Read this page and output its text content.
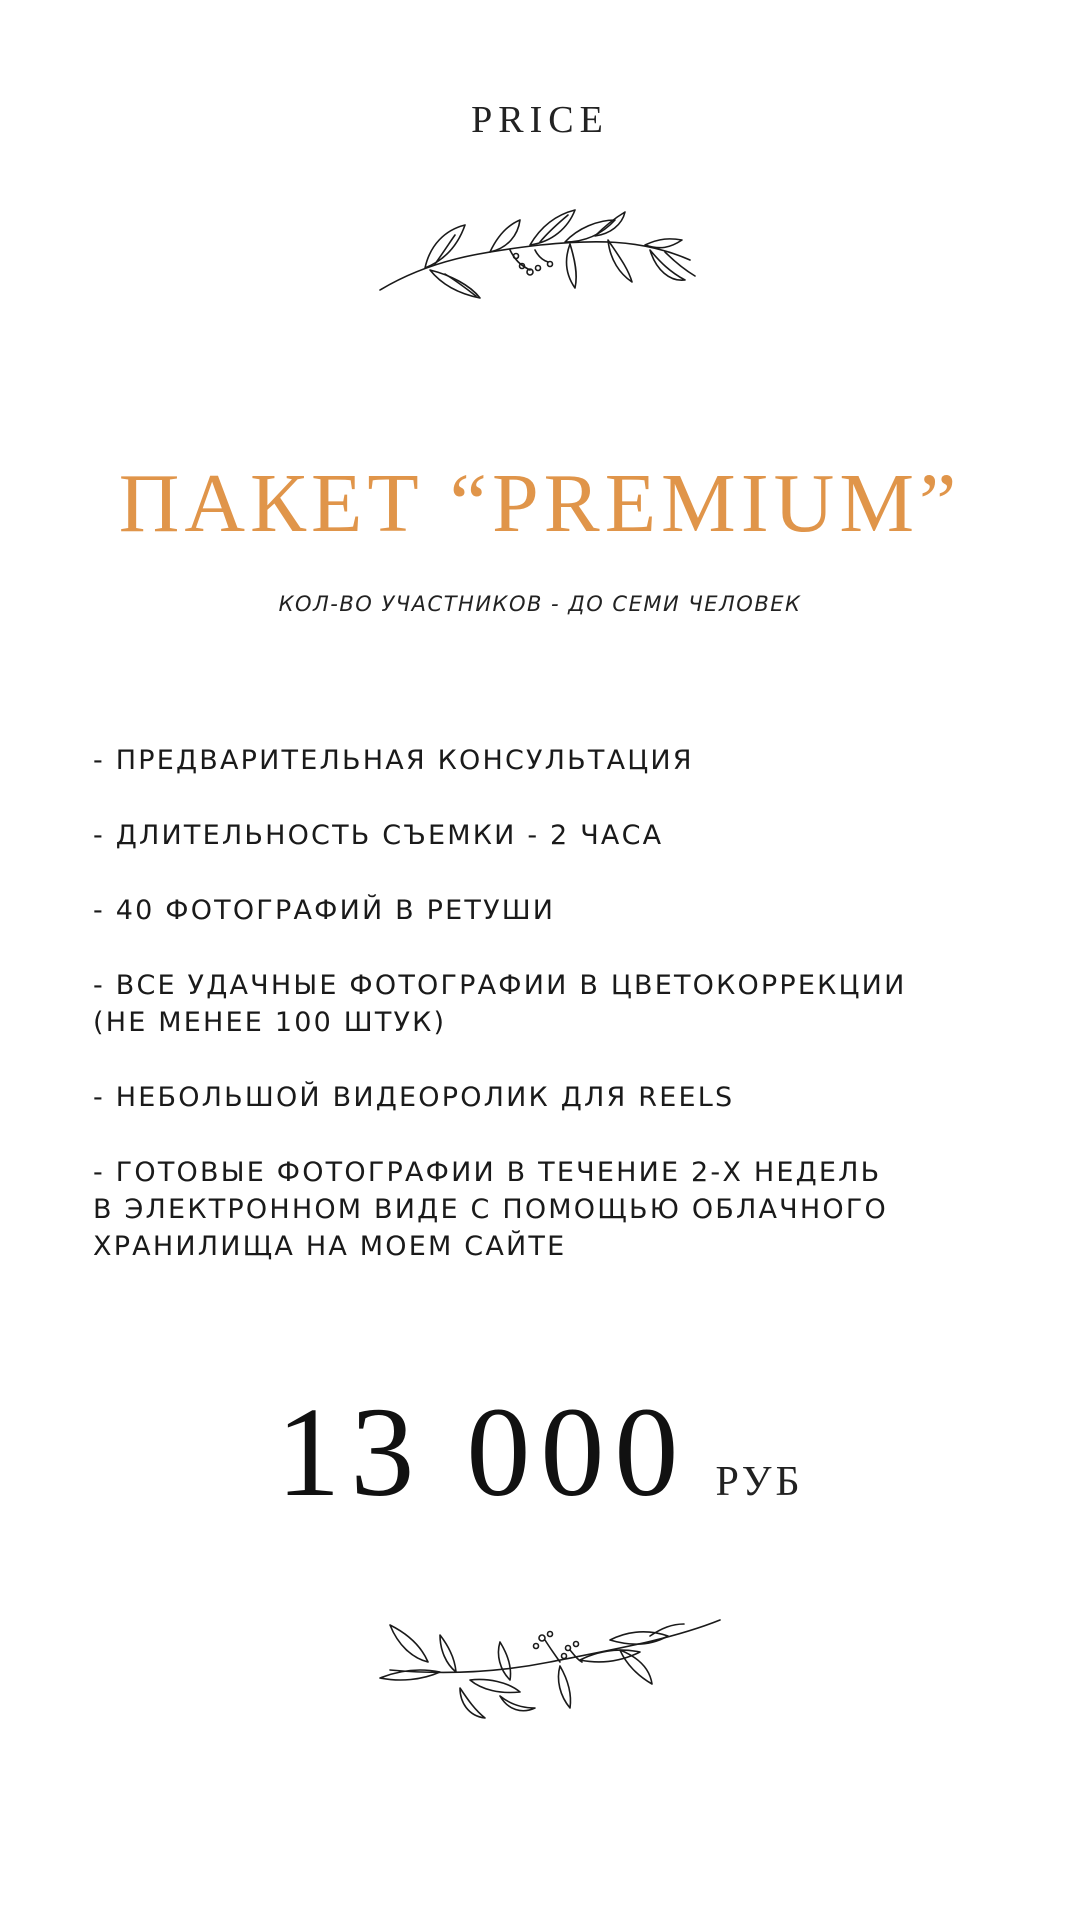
PRICE
ПАКЕТ “PREMIUM”
КОЛ-ВО УЧАСТНИКОВ - ДО СЕМИ ЧЕЛОВЕК
- ПРЕДВАРИТЕЛЬНАЯ КОНСУЛЬТАЦИЯ
- ДЛИТЕЛЬНОСТЬ СЪЕМКИ - 2 ЧАСА
- 40 ФОТОГРАФИЙ В РЕТУШИ
- ВСЕ УДАЧНЫЕ ФОТОГРАФИИ В ЦВЕТОКОРРЕКЦИИ
(НЕ МЕНЕЕ 100 ШТУК)
- НЕБОЛЬШОЙ ВИДЕОРОЛИК ДЛЯ REELS
- ГОТОВЫЕ ФОТОГРАФИИ В ТЕЧЕНИЕ 2-Х НЕДЕЛЬ
В ЭЛЕКТРОННОМ ВИДЕ С ПОМОЩЬЮ ОБЛАЧНОГО
ХРАНИЛИЩА НА МОЕМ САЙТЕ
13 000 РУБ
